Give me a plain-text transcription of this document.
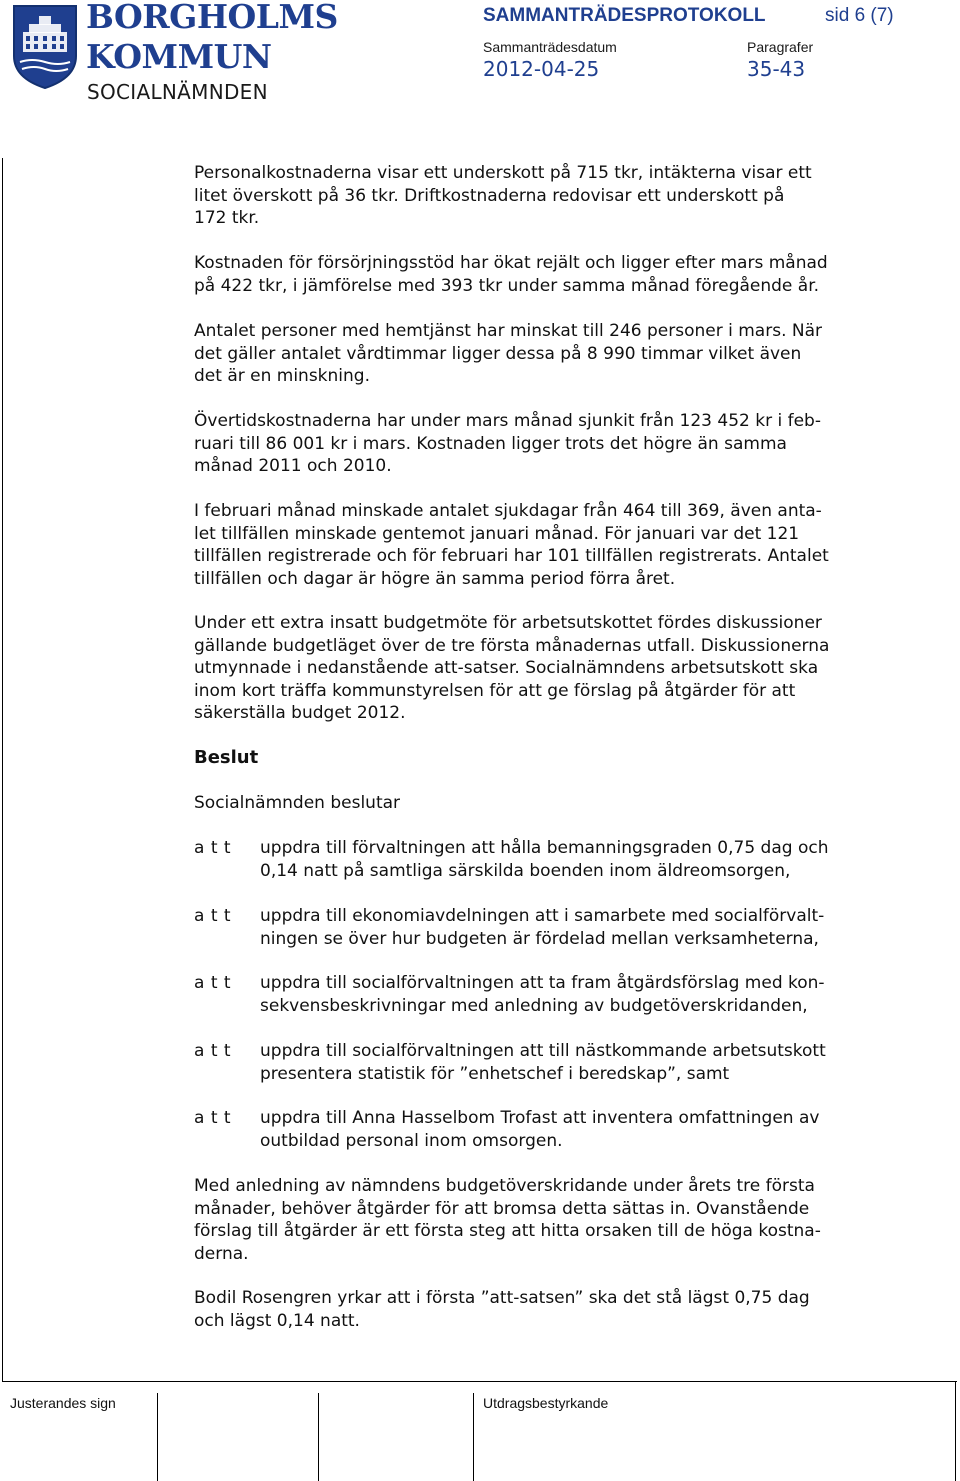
BORGHOLMS
KOMMUN
SOCIALNÄMNDEN
SAMMANTRÄDESPROTOKOLL	sid 6 (7)
Sammanträdesdatum	Paragrafer
2012-04-25	35-43
Justerandes sign	Utdragsbestyrkande
Personalkostnaderna visar ett underskott på 715 tkr, intäkterna visar ett
litet överskott på 36 tkr. Driftkostnaderna redovisar ett underskott på
172 tkr.
Kostnaden för försörjningsstöd har ökat rejält och ligger efter mars månad
på 422 tkr, i jämförelse med 393 tkr under samma månad föregående år.
Antalet personer med hemtjänst har minskat till 246 personer i mars. När
det gäller antalet vårdtimmar ligger dessa på 8 990 timmar vilket även
det är en minskning.
Övertidskostnaderna har under mars månad sjunkit från 123 452 kr i feb-
ruari till 86 001 kr i mars. Kostnaden ligger trots det högre än samma
månad 2011 och 2010.
I februari månad minskade antalet sjukdagar från 464 till 369, även anta-
let tillfällen minskade gentemot januari månad. För januari var det 121
tillfällen registrerade och för februari har 101 tillfällen registrerats. Antalet
tillfällen och dagar är högre än samma period förra året.
Under ett extra insatt budgetmöte för arbetsutskottet fördes diskussioner
gällande budgetläget över de tre första månadernas utfall. Diskussionerna
utmynnade i nedanstående att-satser. Socialnämndens arbetsutskott ska
inom kort träffa kommunstyrelsen för att ge förslag på åtgärder för att
säkerställa budget 2012.
Beslut
Socialnämnden beslutar
a t t uppdra till förvaltningen att hålla bemanningsgraden 0,75 dag och
0,14 natt på samtliga särskilda boenden inom äldreomsorgen,
a t t uppdra till ekonomiavdelningen att i samarbete med socialförvalt-
ningen se över hur budgeten är fördelad mellan verksamheterna,
a t t uppdra till socialförvaltningen att ta fram åtgärdsförslag med kon-
sekvensbeskrivningar med anledning av budgetöverskridanden,
a t t uppdra till socialförvaltningen att till nästkommande arbetsutskott
presentera statistik för ”enhetschef i beredskap”, samt
a t t uppdra till Anna Hasselbom Trofast att inventera omfattningen av
outbildad personal inom omsorgen.
Med anledning av nämndens budgetöverskridande under årets tre första
månader, behöver åtgärder för att bromsa detta sättas in. Ovanstående
förslag till åtgärder är ett första steg att hitta orsaken till de höga kostna-
derna.
Bodil Rosengren yrkar att i första ”att-satsen” ska det stå lägst 0,75 dag
och lägst 0,14 natt.
